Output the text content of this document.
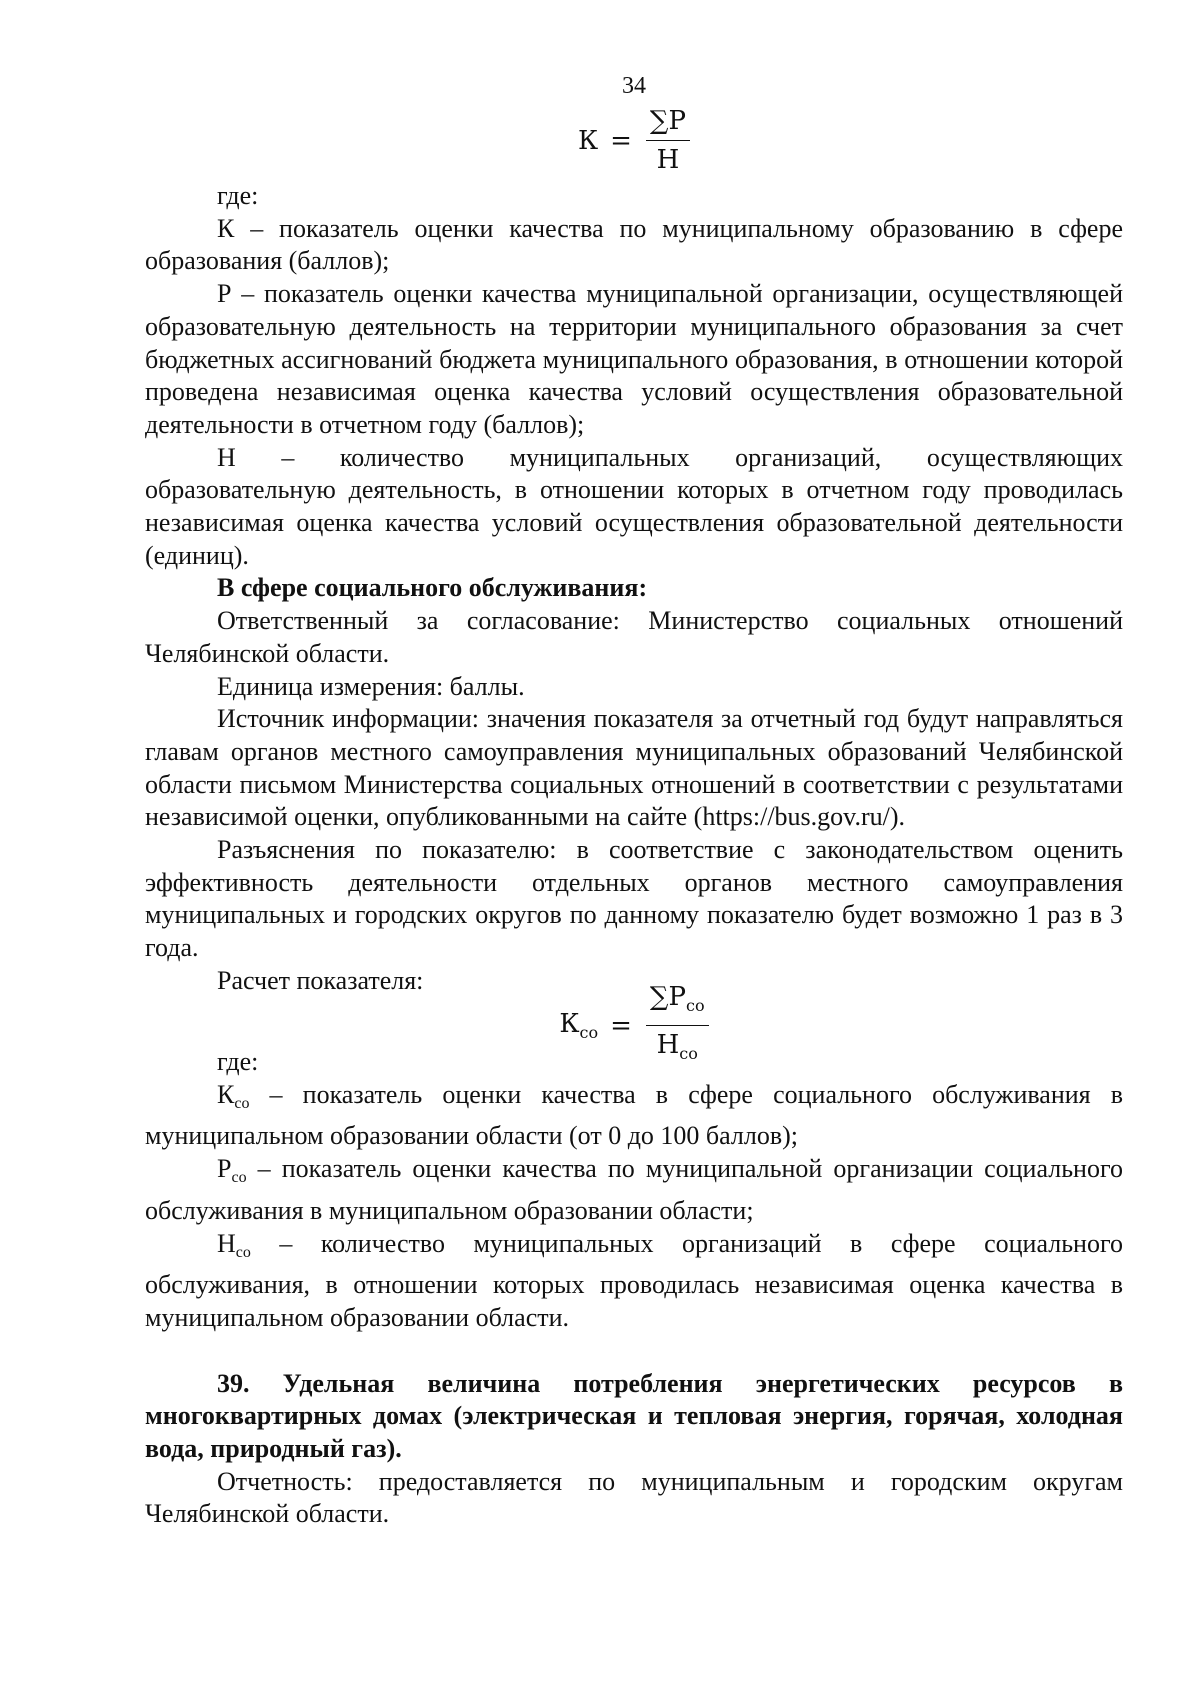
34
$К = \frac{\sum Р}{Н}$

где:

К – показатель оценки качества по муниципальному образованию в сфере образования (баллов);

Р – показатель оценки качества муниципальной организации, осуществляющей образовательную деятельность на территории муниципального образования за счет бюджетных ассигнований бюджета муниципального образования, в отношении которой проведена независимая оценка качества условий осуществления образовательной деятельности в отчетном году (баллов);

Н – количество муниципальных организаций, осуществляющих образовательную деятельность, в отношении которых в отчетном году проводилась независимая оценка качества условий осуществления образовательной деятельности (единиц).

В сфере социального обслуживания:

Ответственный за согласование: Министерство социальных отношений Челябинской области.

Единица измерения: баллы.

Источник информации: значения показателя за отчетный год будут направляться главам органов местного самоуправления муниципальных образований Челябинской области письмом Министерства социальных отношений в соответствии с результатами независимой оценки, опубликованными на сайте (https://bus.gov.ru/).

Разъяснения по показателю: в соответствие с законодательством оценить эффективность деятельности отдельных органов местного самоуправления муниципальных и городских округов по данному показателю будет возможно 1 раз в 3 года.

Расчет показателя:

$К_{со} = \frac{\sum Р_{со}}{Н_{со}}$

где:

Ксо – показатель оценки качества в сфере социального обслуживания в муниципальном образовании области (от 0 до 100 баллов);

Рсо – показатель оценки качества по муниципальной организации социального обслуживания в муниципальном образовании области;

Нсо – количество муниципальных организаций в сфере социального обслуживания, в отношении которых проводилась независимая оценка качества в муниципальном образовании области.

39. Удельная величина потребления энергетических ресурсов в многоквартирных домах (электрическая и тепловая энергия, горячая, холодная вода, природный газ).

Отчетность: предоставляется по муниципальным и городским округам Челябинской области.
